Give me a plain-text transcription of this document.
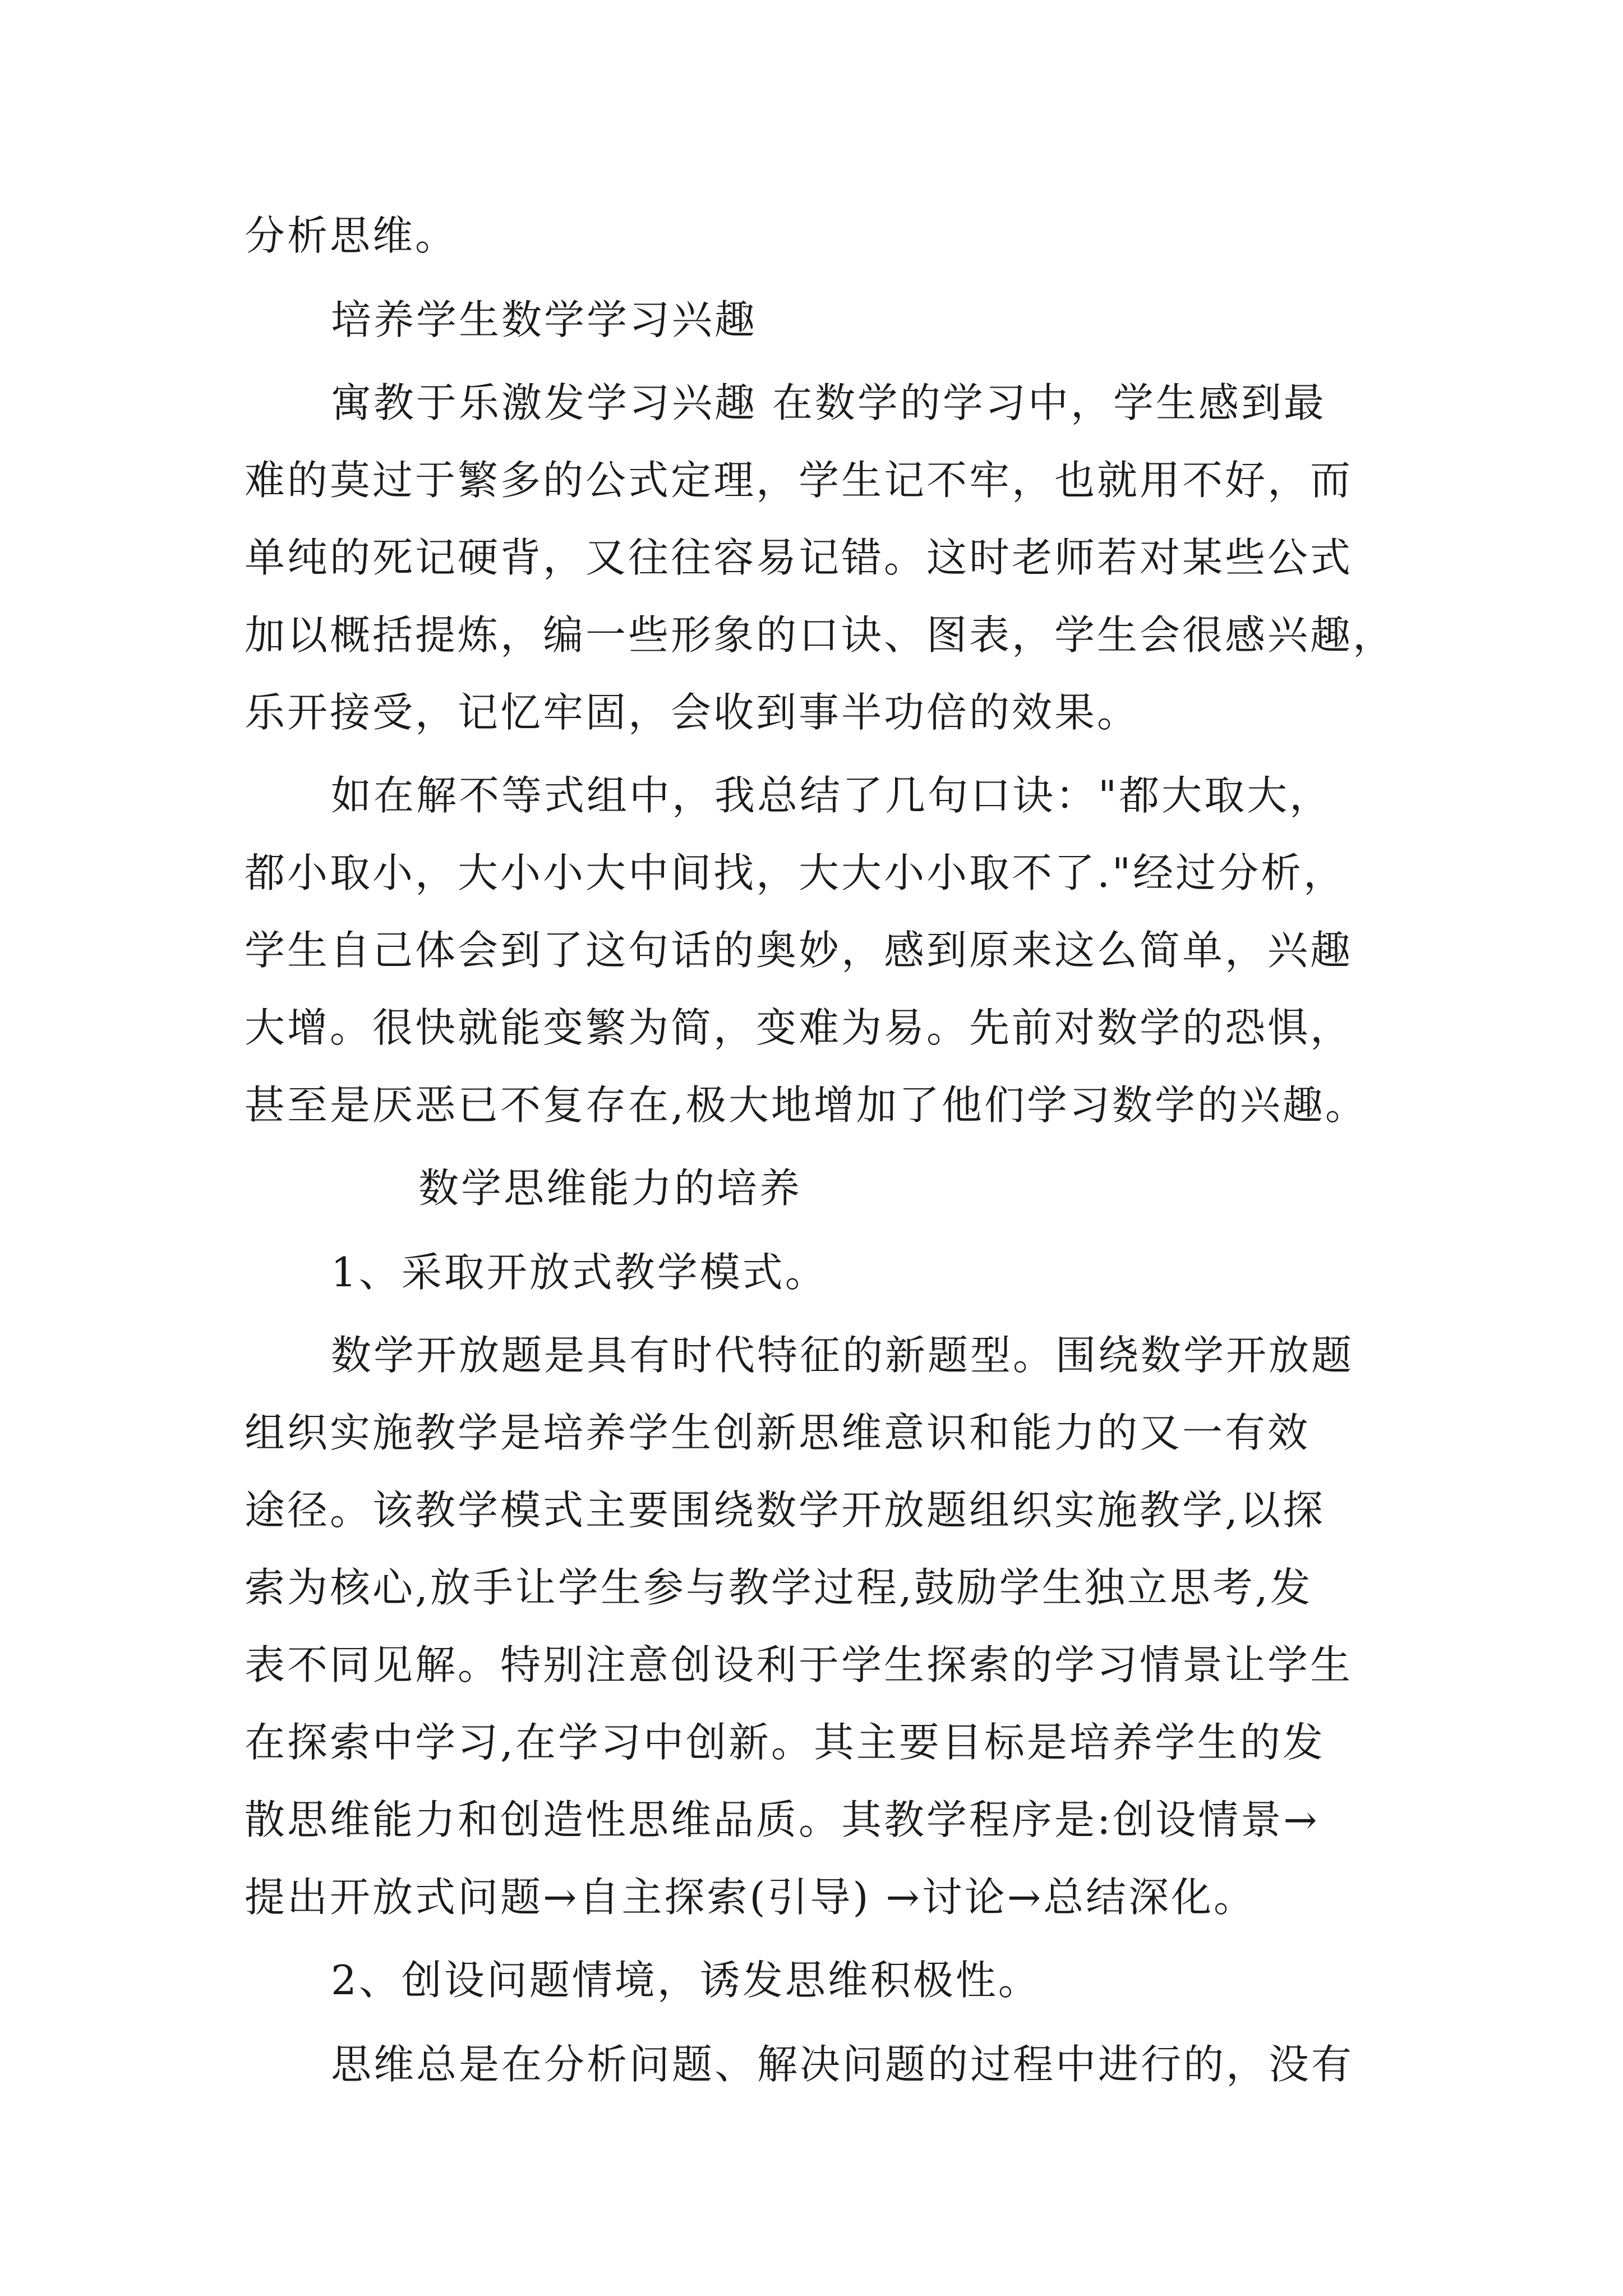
分析思维。

培养学生数学学习兴趣

寓教于乐激发学习兴趣 在数学的学习中，学生感到最

难的莫过于繁多的公式定理，学生记不牢，也就用不好，而

单纯的死记硬背，又往往容易记错。这时老师若对某些公式

加以概括提炼，编一些形象的口诀、图表，学生会很感兴趣，

乐开接受，记忆牢固，会收到事半功倍的效果。

如在解不等式组中，我总结了几句口诀："都大取大，

都小取小，大小小大中间找，大大小小取不了."经过分析，

学生自己体会到了这句话的奥妙，感到原来这么简单，兴趣

大增。很快就能变繁为简，变难为易。先前对数学的恐惧，

甚至是厌恶已不复存在,极大地增加了他们学习数学的兴趣。

数学思维能力的培养

1、采取开放式教学模式。

数学开放题是具有时代特征的新题型。围绕数学开放题

组织实施教学是培养学生创新思维意识和能力的又一有效

途径。该教学模式主要围绕数学开放题组织实施教学,以探

索为核心,放手让学生参与教学过程,鼓励学生独立思考,发

表不同见解。特别注意创设利于学生探索的学习情景让学生

在探索中学习,在学习中创新。其主要目标是培养学生的发

散思维能力和创造性思维品质。其教学程序是:创设情景→

提出开放式问题→自主探索(引导) →讨论→总结深化。

2、创设问题情境，诱发思维积极性。

思维总是在分析问题、解决问题的过程中进行的，没有
